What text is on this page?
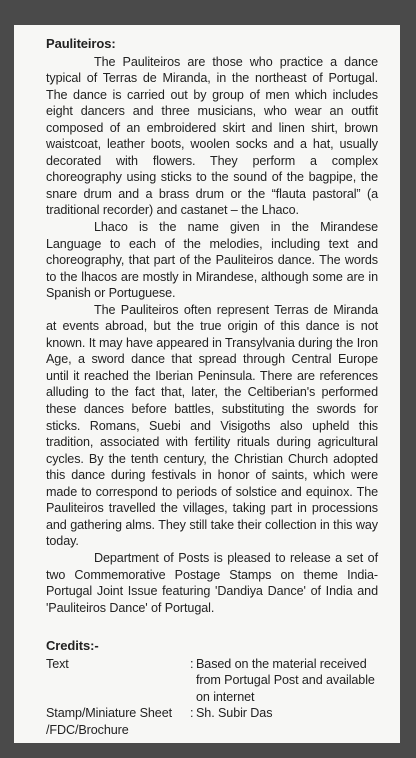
Pauliteiros:

The Pauliteiros are those who practice a dance typical of Terras de Miranda, in the northeast of Portugal. The dance is carried out by group of men which includes eight dancers and three musicians, who wear an outfit composed of an embroidered skirt and linen shirt, brown waistcoat, leather boots, woolen socks and a hat, usually decorated with flowers. They perform a complex choreography using sticks to the sound of the bagpipe, the snare drum and a brass drum or the “flauta pastoral” (a traditional recorder) and castanet – the Lhaco.

Lhaco is the name given in the Mirandese Language to each of the melodies, including text and choreography, that part of the Pauliteiros dance. The words to the lhacos are mostly in Mirandese, although some are in Spanish or Portuguese.

The Pauliteiros often represent Terras de Miranda at events abroad, but the true origin of this dance is not known. It may have appeared in Transylvania during the Iron Age, a sword dance that spread through Central Europe until it reached the Iberian Peninsula. There are references alluding to the fact that, later, the Celtiberian's performed these dances before battles, substituting the swords for sticks. Romans, Suebi and Visigoths also upheld this tradition, associated with fertility rituals during agricultural cycles. By the tenth century, the Christian Church adopted this dance during festivals in honor of saints, which were made to correspond to periods of solstice and equinox. The Pauliteiros travelled the villages, taking part in processions and gathering alms. They still take their collection in this way today.

Department of Posts is pleased to release a set of two Commemorative Postage Stamps on theme India-Portugal Joint Issue featuring 'Dandiya Dance' of India and 'Pauliteiros Dance' of Portugal.

Credits:-
Text	: Based on the material received from Portugal Post and available on internet
Stamp/Miniature Sheet /FDC/Brochure
: Sh. Subir Das
